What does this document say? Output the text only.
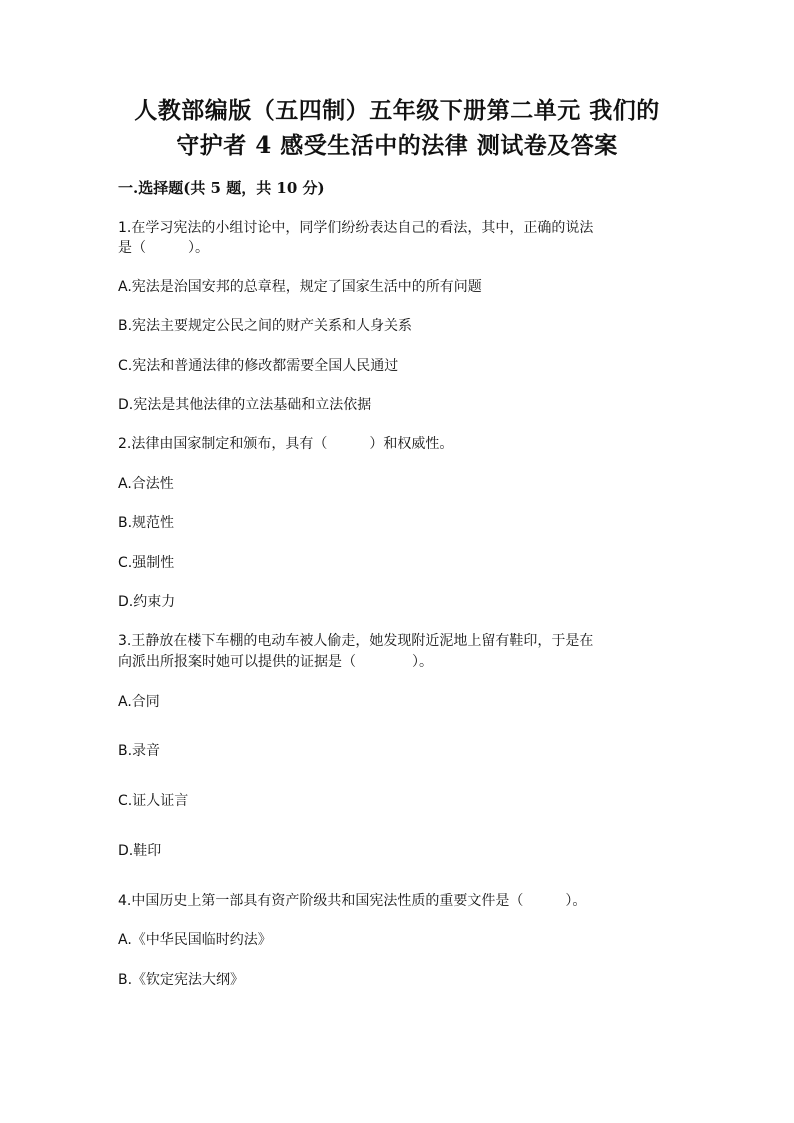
人教部编版（五四制）五年级下册第二单元 我们的
守护者 4 感受生活中的法律 测试卷及答案
一.选择题(共 5 题，共 10 分)
1.在学习宪法的小组讨论中，同学们纷纷表达自己的看法，其中，正确的说法
是（　　　）。
A.宪法是治国安邦的总章程，规定了国家生活中的所有问题
B.宪法主要规定公民之间的财产关系和人身关系
C.宪法和普通法律的修改都需要全国人民通过
D.宪法是其他法律的立法基础和立法依据
2.法律由国家制定和颁布，具有（　　　）和权威性。
A.合法性
B.规范性
C.强制性
D.约束力
3.王静放在楼下车棚的电动车被人偷走，她发现附近泥地上留有鞋印，于是在
向派出所报案时她可以提供的证据是（　　　　）。
A.合同
B.录音
C.证人证言
D.鞋印
4.中国历史上第一部具有资产阶级共和国宪法性质的重要文件是（　　　）。
A.《中华民国临时约法》
B.《钦定宪法大纲》
